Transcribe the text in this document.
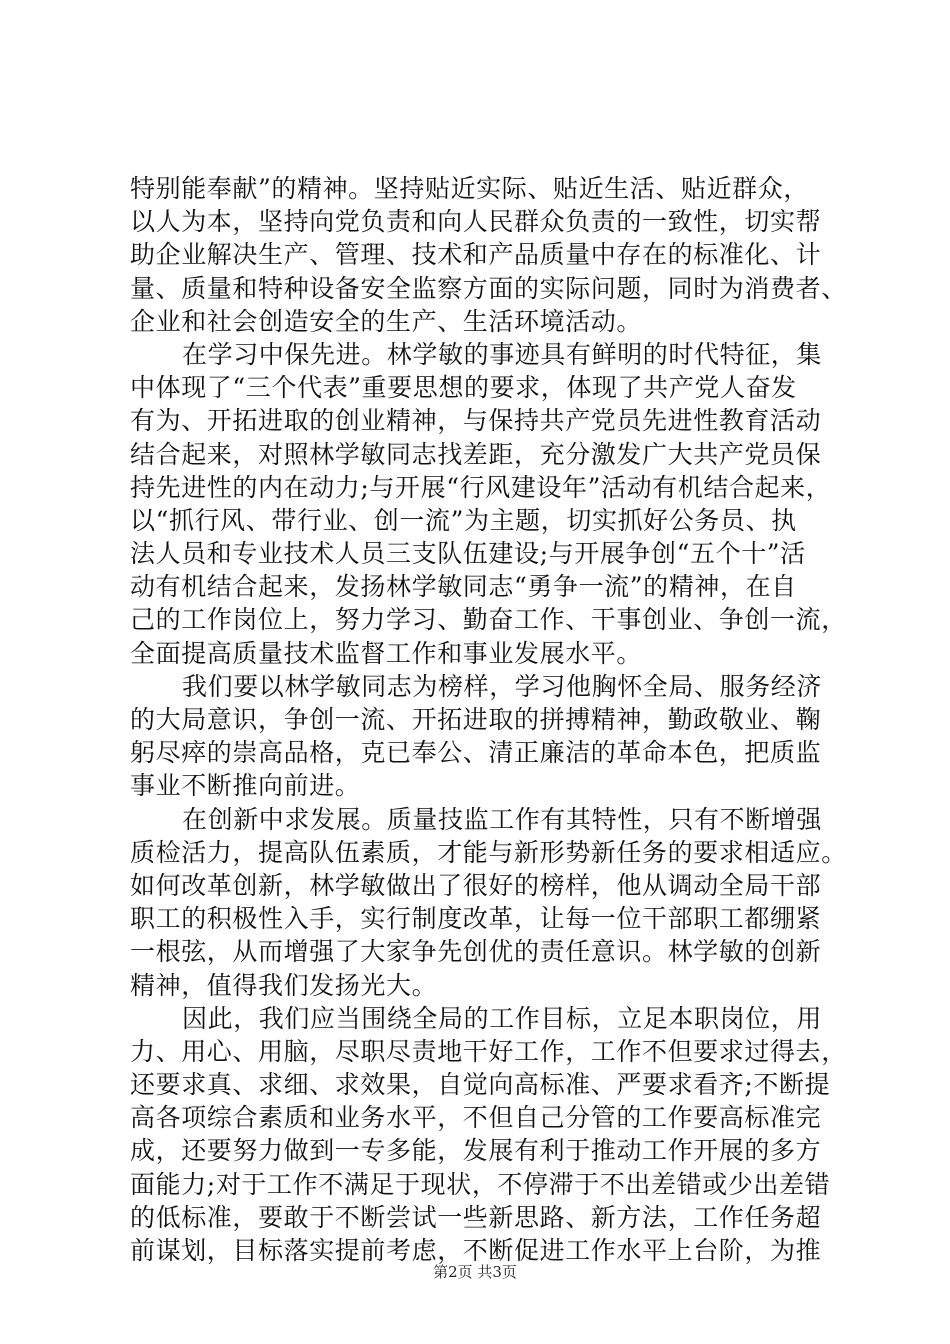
特别能奉献”的精神。坚持贴近实际、贴近生活、贴近群众，
以人为本，坚持向党负责和向人民群众负责的一致性，切实帮
助企业解决生产、管理、技术和产品质量中存在的标准化、计
量、质量和特种设备安全监察方面的实际问题，同时为消费者、
企业和社会创造安全的生产、生活环境活动。
在学习中保先进。林学敏的事迹具有鲜明的时代特征，集
中体现了“三个代表”重要思想的要求，体现了共产党人奋发
有为、开拓进取的创业精神，与保持共产党员先进性教育活动
结合起来，对照林学敏同志找差距，充分激发广大共产党员保
持先进性的内在动力;与开展“行风建设年”活动有机结合起来，
以“抓行风、带行业、创一流”为主题，切实抓好公务员、执
法人员和专业技术人员三支队伍建设;与开展争创“五个十”活
动有机结合起来，发扬林学敏同志“勇争一流”的精神，在自
己的工作岗位上，努力学习、勤奋工作、干事创业、争创一流，
全面提高质量技术监督工作和事业发展水平。
我们要以林学敏同志为榜样，学习他胸怀全局、服务经济
的大局意识，争创一流、开拓进取的拼搏精神，勤政敬业、鞠
躬尽瘁的崇高品格，克已奉公、清正廉洁的革命本色，把质监
事业不断推向前进。
在创新中求发展。质量技监工作有其特性，只有不断增强
质检活力，提高队伍素质，才能与新形势新任务的要求相适应。
如何改革创新，林学敏做出了很好的榜样，他从调动全局干部
职工的积极性入手，实行制度改革，让每一位干部职工都绷紧
一根弦，从而增强了大家争先创优的责任意识。林学敏的创新
精神，值得我们发扬光大。
因此，我们应当围绕全局的工作目标，立足本职岗位，用
力、用心、用脑，尽职尽责地干好工作，工作不但要求过得去，
还要求真、求细、求效果，自觉向高标准、严要求看齐;不断提
高各项综合素质和业务水平，不但自己分管的工作要高标准完
成，还要努力做到一专多能，发展有利于推动工作开展的多方
面能力;对于工作不满足于现状，不停滞于不出差错或少出差错
的低标准，要敢于不断尝试一些新思路、新方法，工作任务超
前谋划，目标落实提前考虑，不断促进工作水平上台阶，为推
第2页 共3页
